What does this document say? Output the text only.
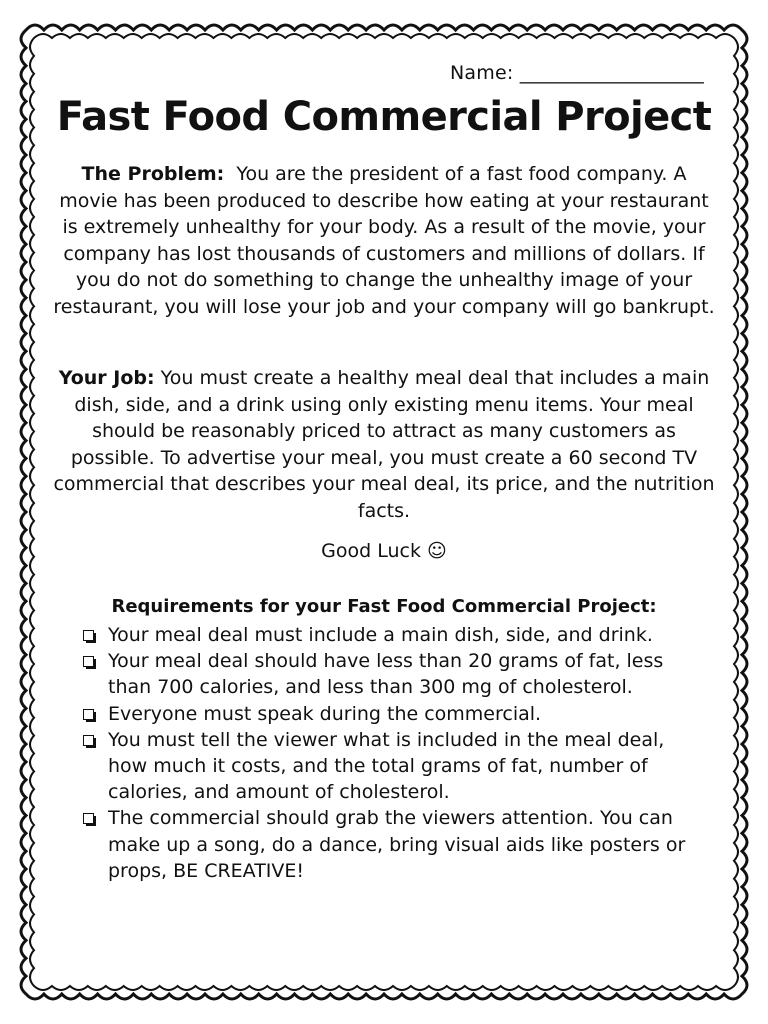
Name: ___________________
Fast Food Commercial Project

The Problem: You are the president of a fast food company. A movie has been produced to describe how eating at your restaurant is extremely unhealthy for your body. As a result of the movie, your company has lost thousands of customers and millions of dollars. If you do not do something to change the unhealthy image of your restaurant, you will lose your job and your company will go bankrupt.

Your Job: You must create a healthy meal deal that includes a main dish, side, and a drink using only existing menu items. Your meal should be reasonably priced to attract as many customers as possible. To advertise your meal, you must create a 60 second TV commercial that describes your meal deal, its price, and the nutrition facts.

Good Luck ☺

Requirements for your Fast Food Commercial Project:

Your meal deal must include a main dish, side, and drink.
Your meal deal should have less than 20 grams of fat, less than 700 calories, and less than 300 mg of cholesterol.
Everyone must speak during the commercial.
You must tell the viewer what is included in the meal deal, how much it costs, and the total grams of fat, number of calories, and amount of cholesterol.
The commercial should grab the viewers attention. You can make up a song, do a dance, bring visual aids like posters or props, BE CREATIVE!
